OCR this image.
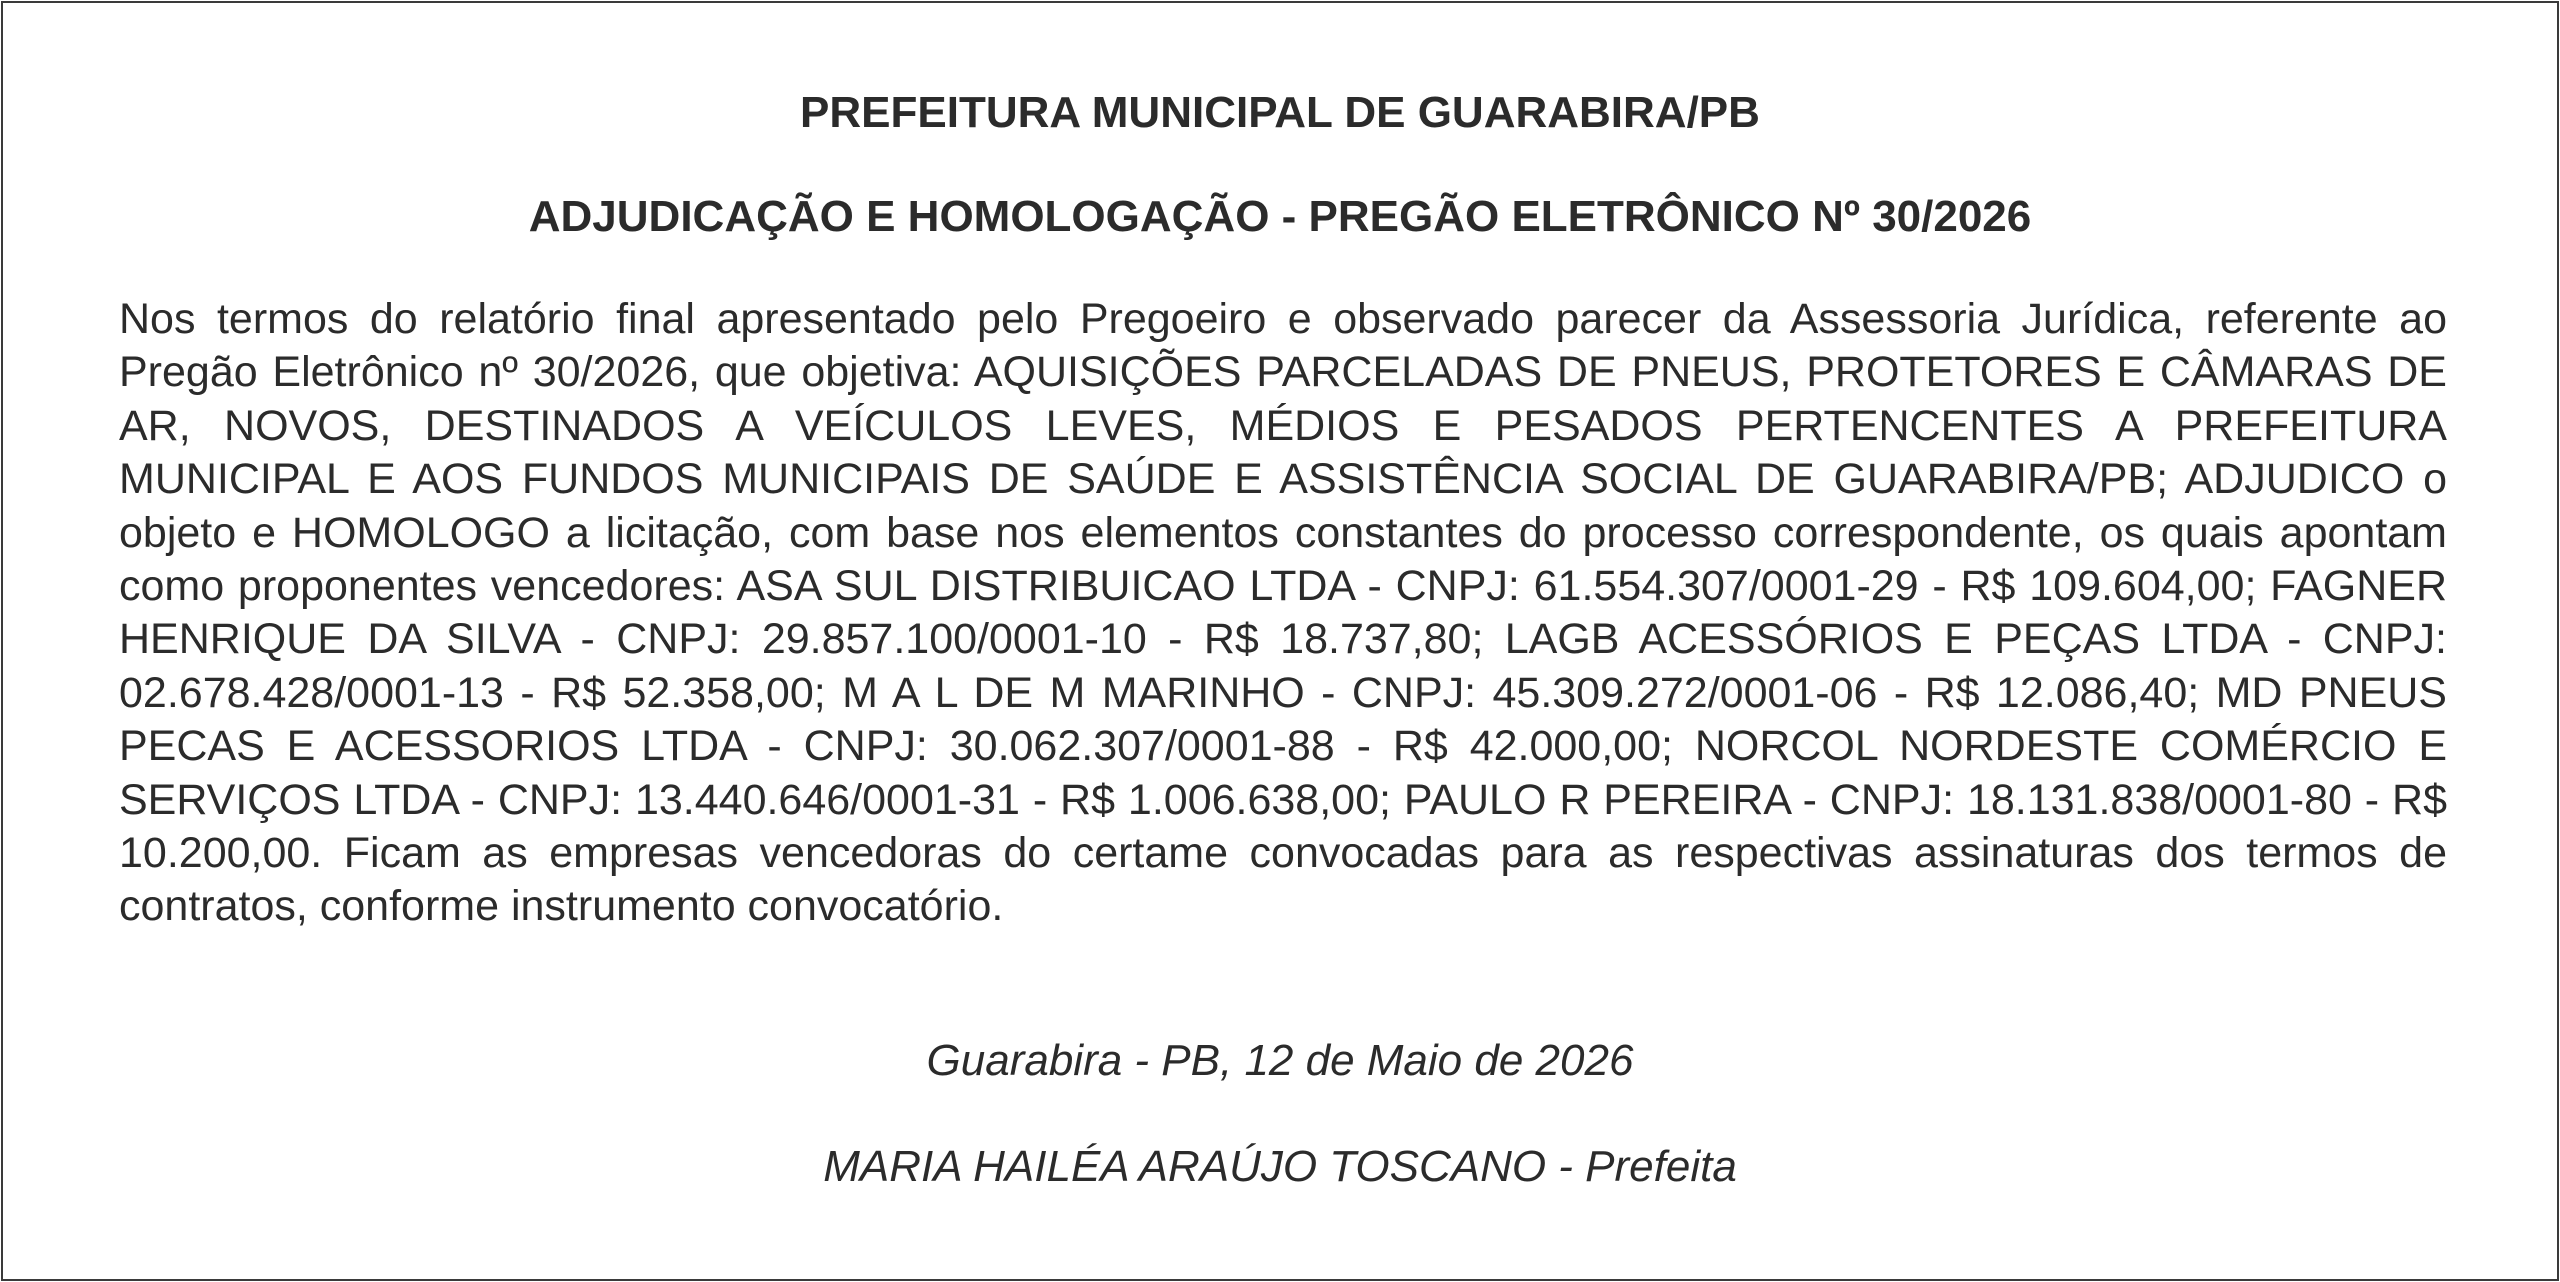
PREFEITURA MUNICIPAL DE GUARABIRA/PB

ADJUDICAÇÃO E HOMOLOGAÇÃO - PREGÃO ELETRÔNICO Nº 30/2026

Nos termos do relatório final apresentado pelo Pregoeiro e observado parecer da Assessoria Jurídica, referente ao Pregão Eletrônico nº 30/2026, que objetiva: AQUISIÇÕES PARCELADAS DE PNEUS, PROTETORES E CÂMARAS DE AR, NOVOS, DESTINADOS A VEÍCULOS LEVES, MÉDIOS E PESADOS PERTENCENTES A PREFEITURA MUNICIPAL E AOS FUNDOS MUNICIPAIS DE SAÚDE E ASSISTÊNCIA SOCIAL DE GUARABIRA/PB; ADJUDICO o objeto e HOMOLOGO a licitação, com base nos elementos constantes do processo correspondente, os quais apontam como proponentes vencedores: ASA SUL DISTRIBUICAO LTDA - CNPJ: 61.554.307/0001-29 - R$ 109.604,00; FAGNER HENRIQUE DA SILVA - CNPJ: 29.857.100/0001-10 - R$ 18.737,80; LAGB ACESSÓRIOS E PEÇAS LTDA - CNPJ: 02.678.428/0001-13 - R$ 52.358,00; M A L DE M MARINHO - CNPJ: 45.309.272/0001-06 - R$ 12.086,40; MD PNEUS PECAS E ACESSORIOS LTDA - CNPJ: 30.062.307/0001-88 - R$ 42.000,00; NORCOL NORDESTE COMÉRCIO E SERVIÇOS LTDA - CNPJ: 13.440.646/0001-31 - R$ 1.006.638,00; PAULO R PEREIRA - CNPJ: 18.131.838/0001-80 - R$ 10.200,00. Ficam as empresas vencedoras do certame convocadas para as respectivas assinaturas dos termos de contratos, conforme instrumento convocatório.

Guarabira - PB, 12 de Maio de 2026

MARIA HAILÉA ARAÚJO TOSCANO - Prefeita
